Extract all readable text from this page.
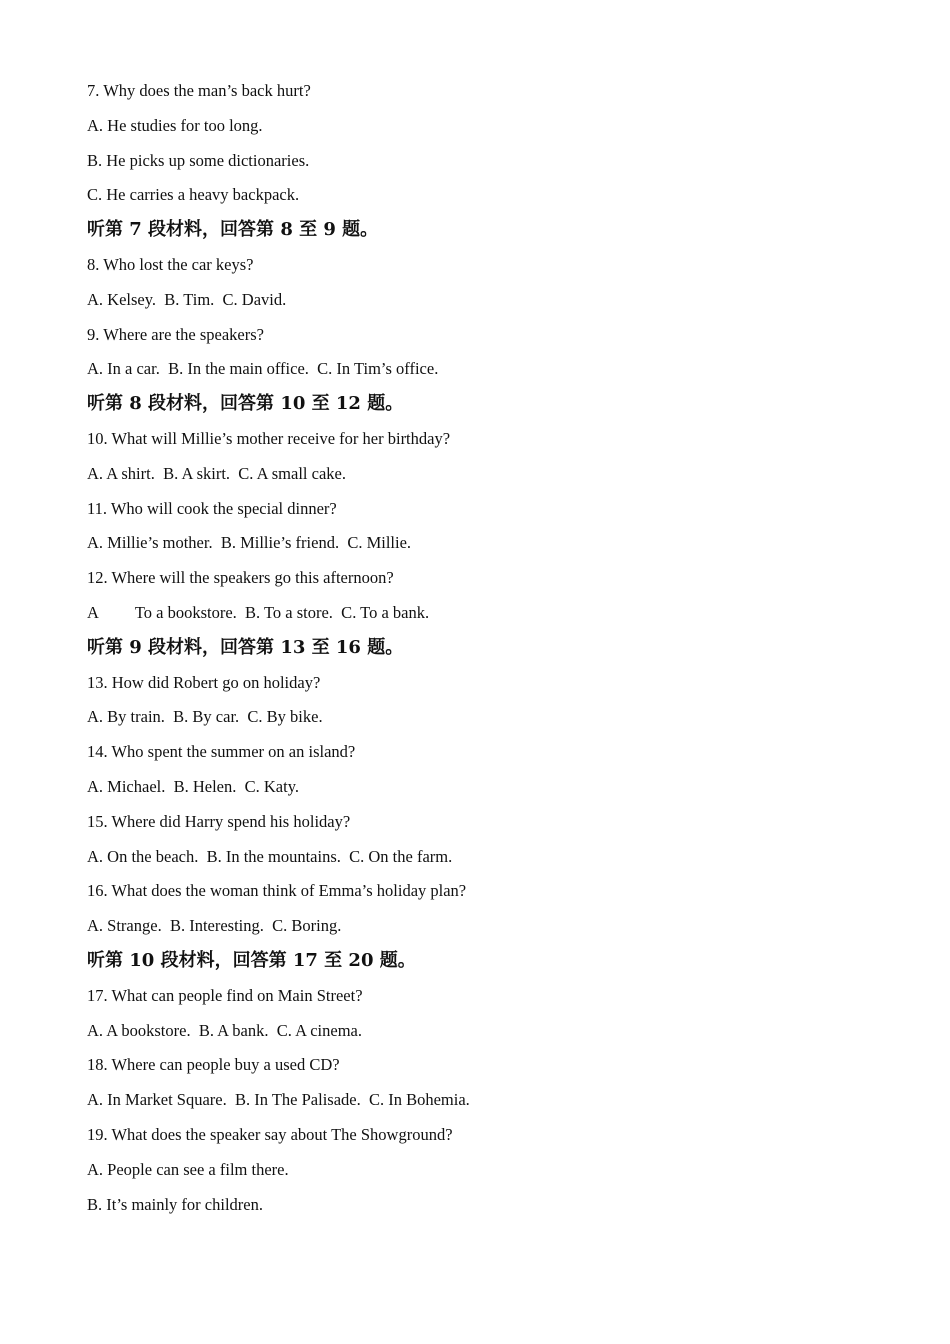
7. Why does the man’s back hurt?
A. He studies for too long.
B. He picks up some dictionaries.
C. He carries a heavy backpack.
听第 7 段材料，回答第 8 至 9 题。
8. Who lost the car keys?
A. Kelsey.  B. Tim.  C. David.
9. Where are the speakers?
A. In a car.  B. In the main office.  C. In Tim’s office.
听第 8 段材料，回答第 10 至 12 题。
10. What will Millie’s mother receive for her birthday?
A. A shirt.  B. A skirt.  C. A small cake.
11. Who will cook the special dinner?
A. Millie’s mother.  B. Millie’s friend.  C. Millie.
12. Where will the speakers go this afternoon?
A         To a bookstore.  B. To a store.  C. To a bank.
听第 9 段材料，回答第 13 至 16 题。
13. How did Robert go on holiday?
A. By train.  B. By car.  C. By bike.
14. Who spent the summer on an island?
A. Michael.  B. Helen.  C. Katy.
15. Where did Harry spend his holiday?
A. On the beach.  B. In the mountains.  C. On the farm.
16. What does the woman think of Emma’s holiday plan?
A. Strange.  B. Interesting.  C. Boring.
听第 10 段材料，回答第 17 至 20 题。
17. What can people find on Main Street?
A. A bookstore.  B. A bank.  C. A cinema.
18. Where can people buy a used CD?
A. In Market Square.  B. In The Palisade.  C. In Bohemia.
19. What does the speaker say about The Showground?
A. People can see a film there.
B. It’s mainly for children.
